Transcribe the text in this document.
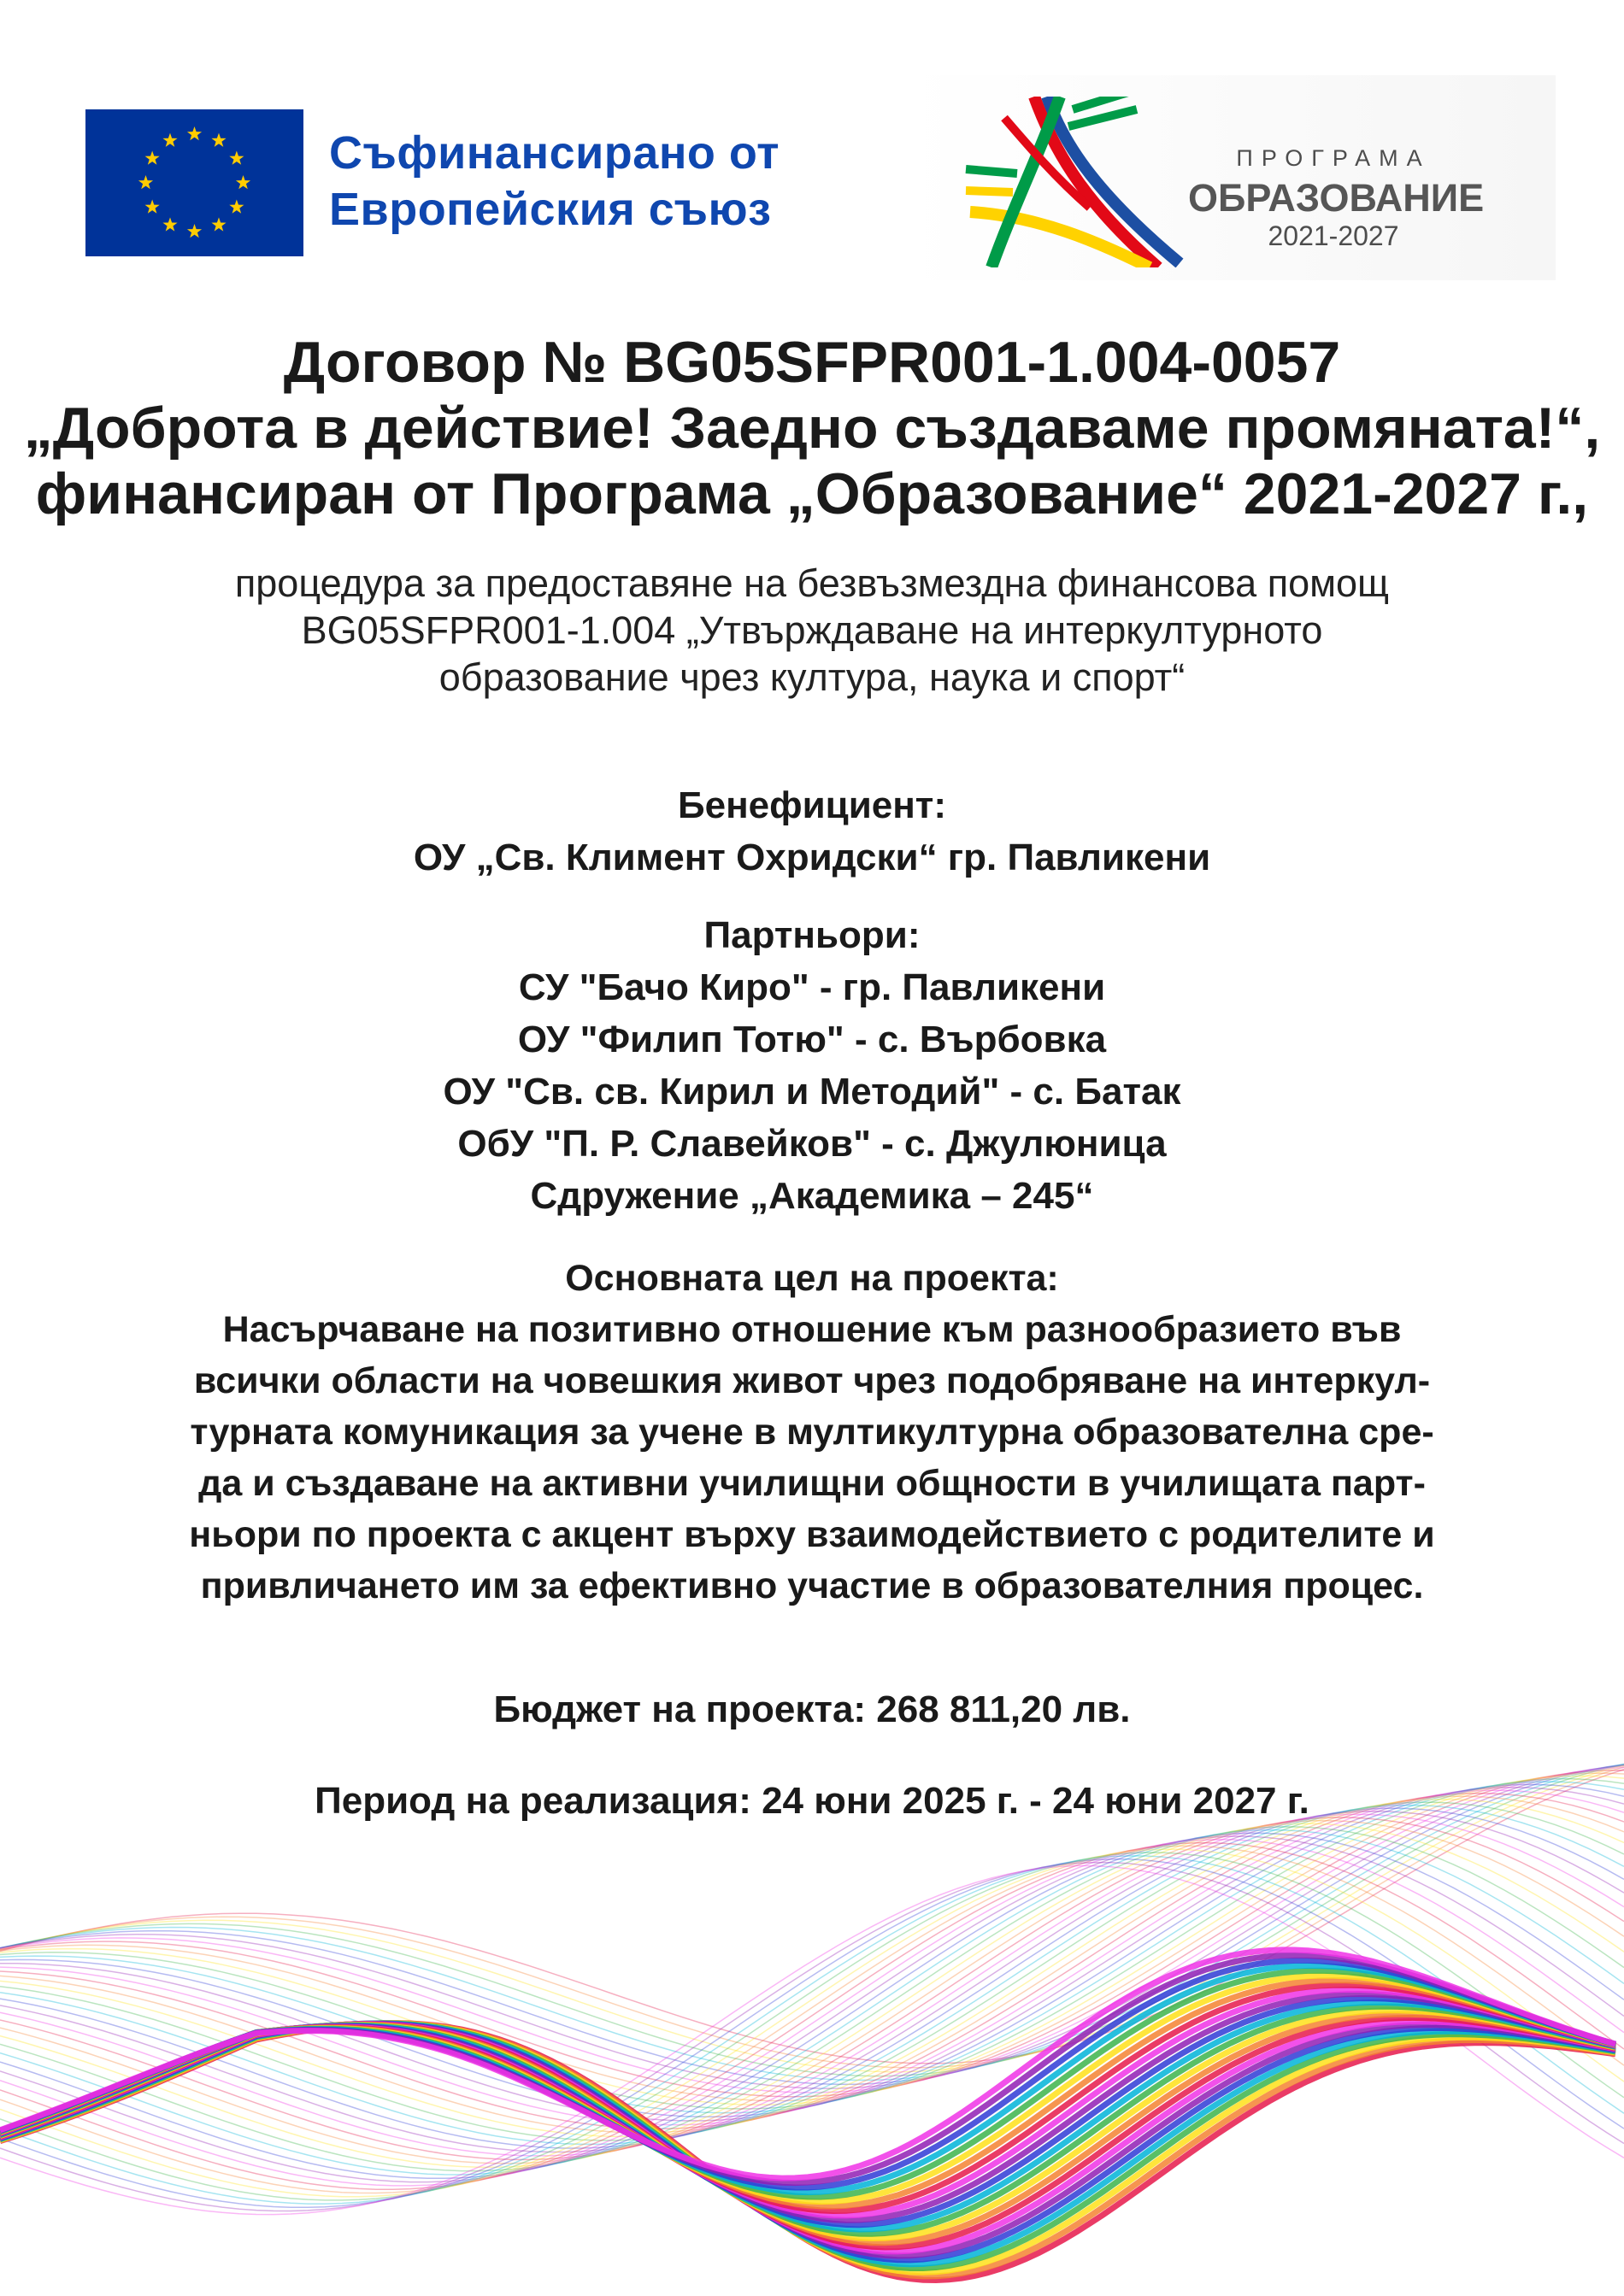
Съфинансирано от
Европейския съюз
ПРОГРАМА
ОБРАЗОВАНИЕ
2021-2027
Договор № BG05SFPR001-1.004-0057
„Доброта в действие! Заедно създаваме промяната!“,
финансиран от Програма „Образование“ 2021-2027 г.,
процедура за предоставяне на безвъзмездна финансова помощ
BG05SFPR001-1.004 „Утвърждаване на интеркултурното
образование чрез култура, наука и спорт“
Бенефициент:
ОУ „Св. Климент Охридски“ гр. Павликени
Партньори:
СУ "Бачо Киро" - гр. Павликени
ОУ "Филип Тотю" - с. Върбовка
ОУ "Св. св. Кирил и Методий" - с. Батак
ОбУ "П. Р. Славейков" - с. Джулюница
Сдружение „Академика – 245“
Основната цел на проекта:
Насърчаване на позитивно отношение към разнообразието във
всички области на човешкия живот чрез подобряване на интеркул-
турната комуникация за учене в мултикултурна образователна сре-
да и създаване на активни училищни общности в училищата парт-
ньори по проекта с акцент върху взаимодействието с родителите и
привличането им за ефективно участие в образователния процес.
Бюджет на проекта: 268 811,20 лв.
Период на реализация: 24 юни 2025 г. - 24 юни 2027 г.
